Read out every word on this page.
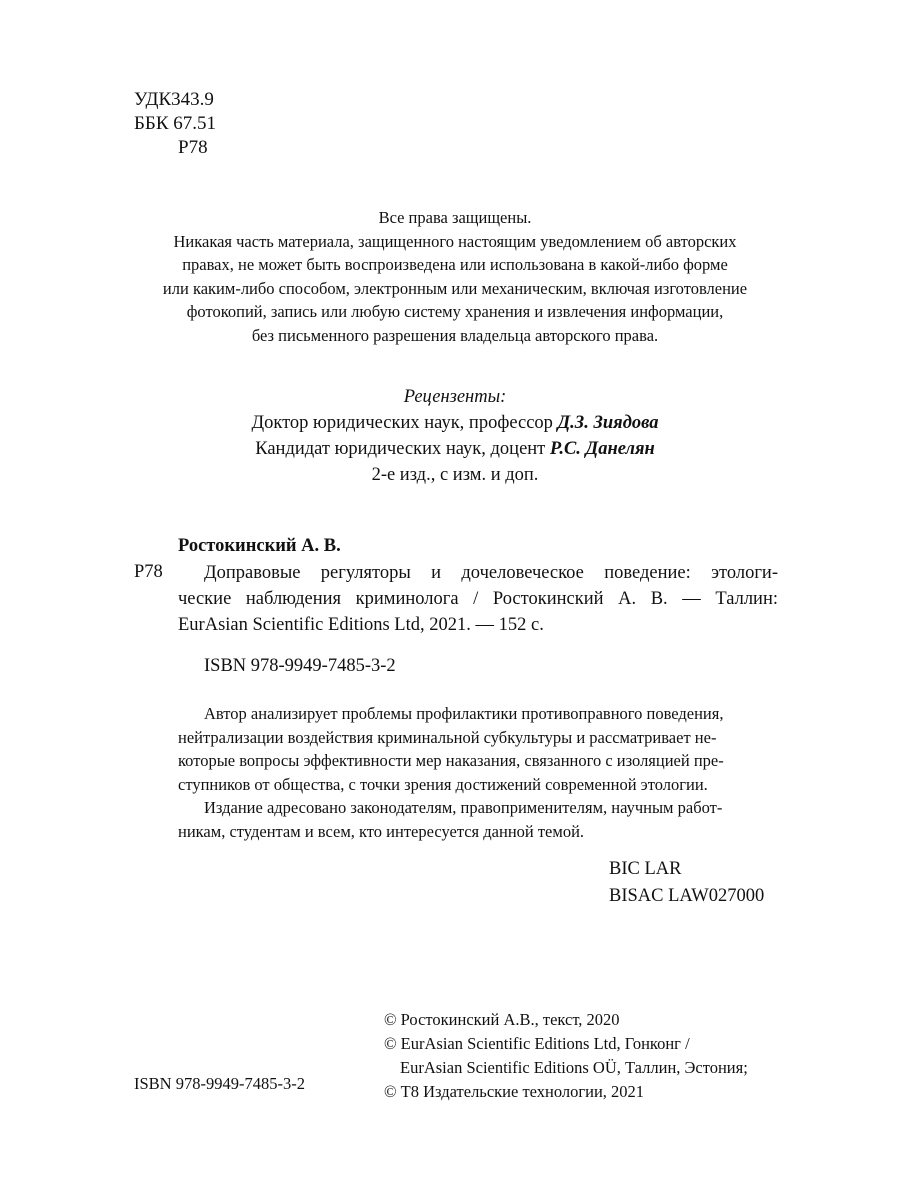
УДК343.9
ББК 67.51
Р78
Все права защищены.
Никакая часть материала, защищенного настоящим уведомлением об авторских
правах, не может быть воспроизведена или использована в какой-либо форме
или каким-либо способом, электронным или механическим, включая изготовление
фотокопий, запись или любую систему хранения и извлечения информации,
без письменного разрешения владельца авторского права.
Рецензенты:
Доктор юридических наук, профессор Д.З. Зиядова
Кандидат юридических наук, доцент Р.С. Данелян
2-е изд., с изм. и доп.
Ростокинский А. В.
Р78	Доправовые регуляторы и дочеловеческое поведение: этологи-
ческие наблюдения криминолога / Ростокинский А. В. — Таллин:
EurAsian Scientific Editions Ltd, 2021. — 152 с.
ISBN 978-9949-7485-3-2
Автор анализирует проблемы профилактики противоправного поведения,
нейтрализации воздействия криминальной субкультуры и рассматривает не-
которые вопросы эффективности мер наказания, связанного с изоляцией пре-
ступников от общества, с точки зрения достижений современной этологии.
Издание адресовано законодателям, правоприменителям, научным работ-
никам, студентам и всем, кто интересуется данной темой.
BIC LAR
BISAC LAW027000
© Ростокинский А.В., текст, 2020
© EurAsian Scientific Editions Ltd, Гонконг /
EurAsian Scientific Editions OÜ, Таллин, Эстония;
© Т8 Издательские технологии, 2021
ISBN 978-9949-7485-3-2
